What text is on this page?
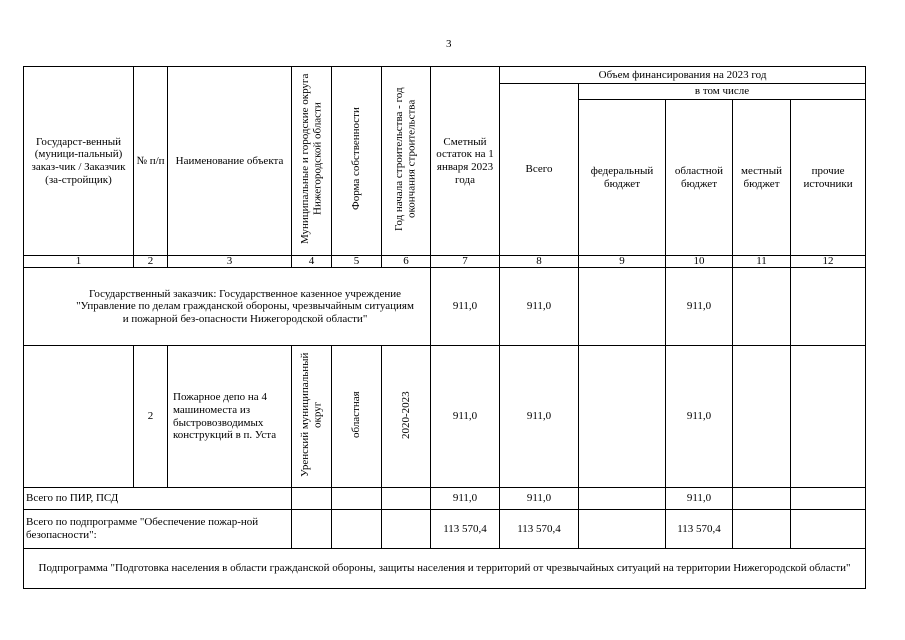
3
Государст-венный (муници-пальный) заказ-чик / Заказчик (за-стройщик)	№ п/п	Наименование объекта	Муниципальные и городские округа Нижегородской области	Форма собственности	Год начала строительства - год окончания строительства	Сметный остаток на 1 января 2023 года	Объем финансирования на 2023 год				
							Всего	в том числе			
								федеральный бюджет	областной бюджет	местный бюджет	прочие источники
1	2	3	4	5	6	7	8	9	10	11	12
Государственный заказчик: Государственное казенное учреждение "Управление по делам гражданской обороны, чрезвычайным ситуациям и пожарной без-опасности Нижегородской области"						911,0	911,0		911,0		
	2	Пожарное депо на 4 машиноместа из быстровозводимых конструкций в п. Уста	Уренский муниципальный округ	областная	2020-2023	911,0	911,0		911,0		
Всего по ПИР, ПСД						911,0	911,0		911,0		
Всего по подпрограмме "Обеспечение пожар-ной безопасности":						113 570,4	113 570,4		113 570,4		
Подпрограмма "Подготовка населения в области гражданской обороны, защиты населения и территорий от чрезвычайных ситуаций на территории Нижегородской области"											
